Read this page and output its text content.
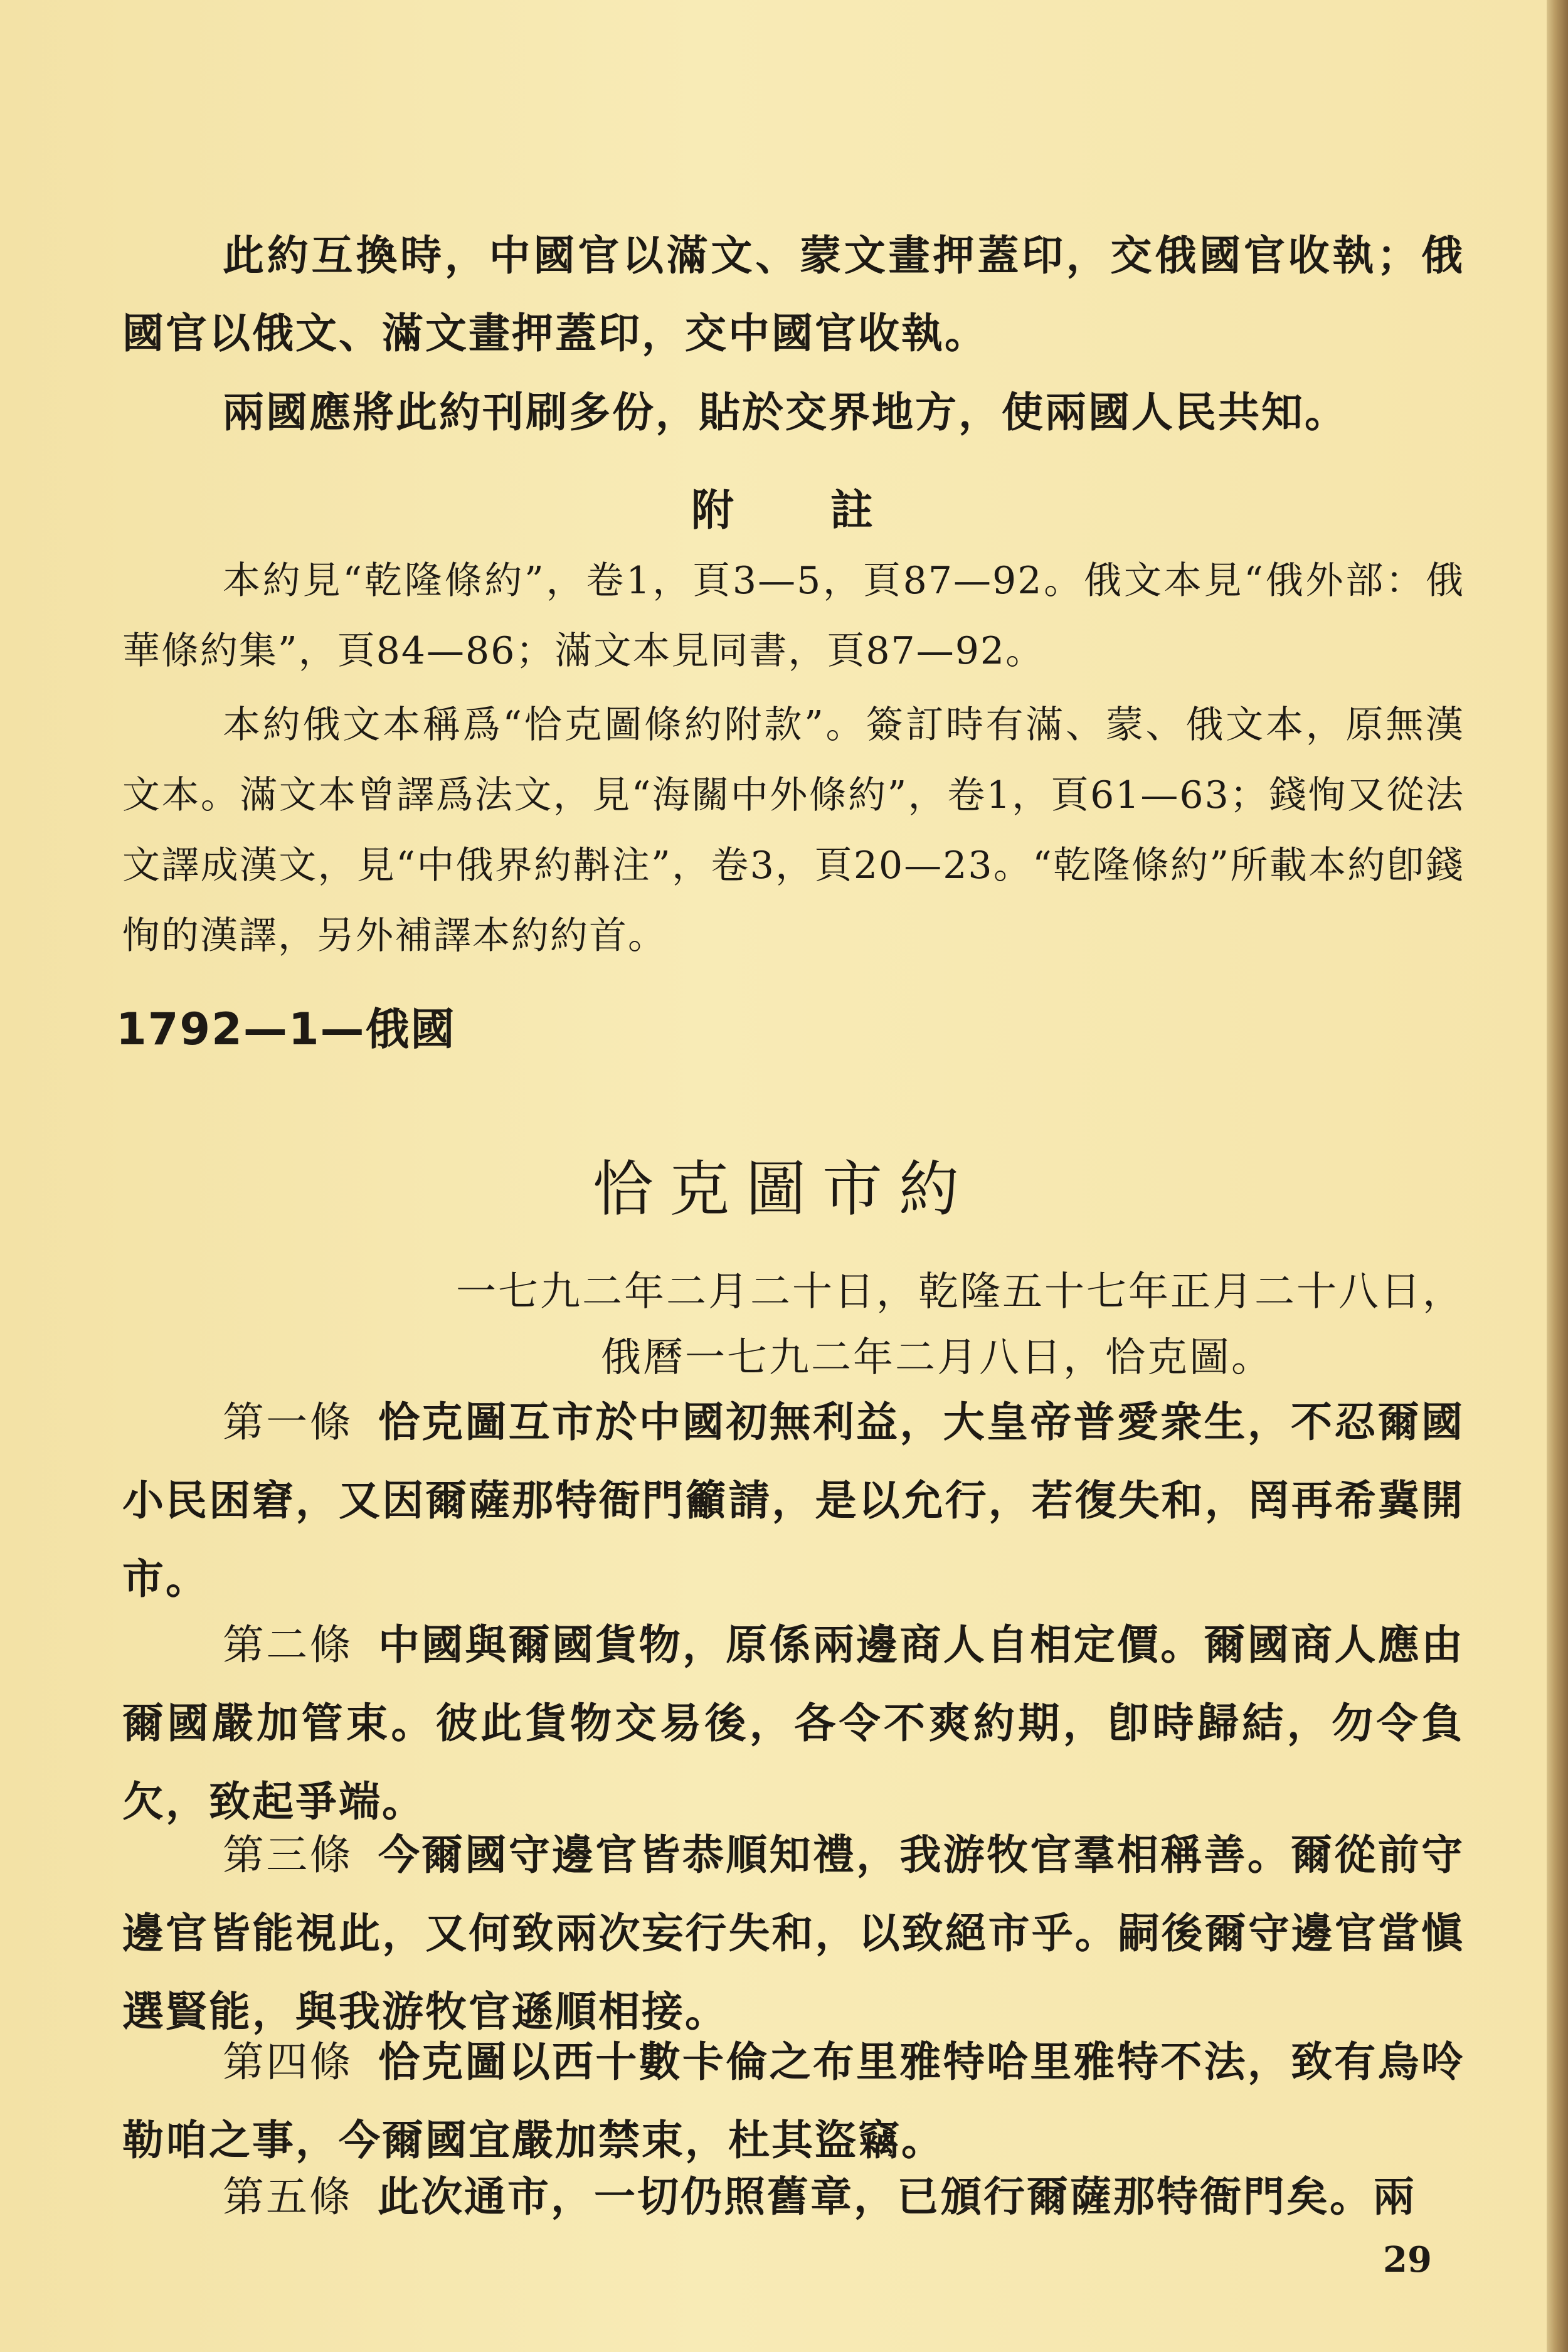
此約互換時，中國官以滿文、蒙文畫押蓋印，交俄國官收執；俄國官以俄文、滿文畫押蓋印，交中國官收執。
兩國應將此約刊刷多份，貼於交界地方，使兩國人民共知。
附　　註
本約見“乾隆條約”，卷1，頁3—5，頁87—92。俄文本見“俄外部：俄華條約集”，頁84—86；滿文本見同書，頁87—92。
本約俄文本稱爲“恰克圖條約附款”。簽訂時有滿、蒙、俄文本，原無漢文本。滿文本曾譯爲法文，見“海關中外條約”，卷1，頁61—63；錢恂又從法文譯成漢文，見“中俄界約斠注”，卷3，頁20—23。“乾隆條約”所載本約卽錢恂的漢譯，另外補譯本約約首。
1792—1—俄國
恰克圖市約
一七九二年二月二十日，乾隆五十七年正月二十八日，
俄曆一七九二年二月八日，恰克圖。
第一條 恰克圖互市於中國初無利益，大皇帝普愛衆生，不忍爾國小民困窘，又因爾薩那特衙門籲請，是以允行，若復失和，罔再希冀開市。
第二條 中國與爾國貨物，原係兩邊商人自相定價。爾國商人應由爾國嚴加管束。彼此貨物交易後，各令不爽約期，卽時歸結，勿令負欠，致起爭端。
第三條 今爾國守邊官皆恭順知禮，我游牧官羣相稱善。爾從前守邊官皆能視此，又何致兩次妄行失和，以致絕市乎。嗣後爾守邊官當愼選賢能，與我游牧官遜順相接。
第四條 恰克圖以西十數卡倫之布里雅特哈里雅特不法，致有烏呤勒咱之事，今爾國宜嚴加禁束，杜其盜竊。
第五條 此次通市，一切仍照舊章，已頒行爾薩那特衙門矣。兩
29
